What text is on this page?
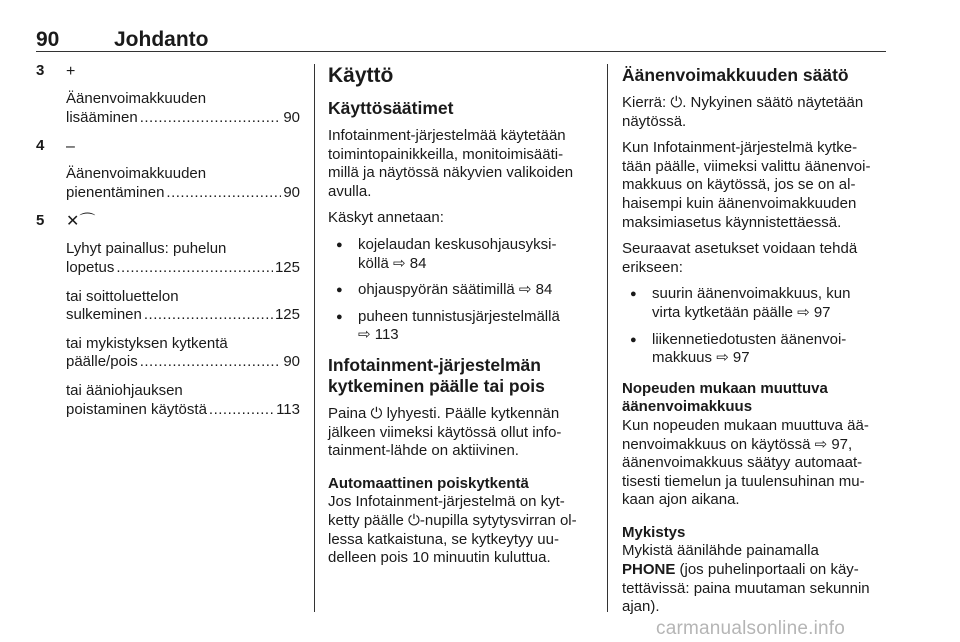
90	Johdanto
3 +
Äänenvoimakkuuden
lisääminen .....	90
4 –
Äänenvoimakkuuden
pienentäminen .....	90
5 ✕⌒
Lyhyt painallus: puhelun
lopetus .....	125
tai soittoluettelon
sulkeminen .....	125
tai mykistyksen kytkentä
päälle/pois .....	90
tai ääniohjauksen
poistaminen käytöstä .....	113
Käyttö
Käyttösäätimet
Infotainment-järjestelmää käytetään
toimintopainikkeilla, monitoimisääti-
millä ja näytössä näkyvien valikoiden
avulla.
Käskyt annetaan:
● kojelaudan keskusohjausyksi-
köllä ⇨ 84
● ohjauspyörän säätimillä ⇨ 84
● puheen tunnistusjärjestelmällä
⇨ 113
Infotainment-järjestelmän
kytkeminen päälle tai pois
Paina ⏻ lyhyesti. Päälle kytkennän
jälkeen viimeksi käytössä ollut info-
tainment-lähde on aktiivinen.
Automaattinen poiskytkentä
Jos Infotainment-järjestelmä on kyt-
ketty päälle ⏻-nupilla sytytysvirran ol-
lessa katkaistuna, se kytkeytyy uu-
delleen pois 10 minuutin kuluttua.
Äänenvoimakkuuden säätö
Kierrä: ⏻. Nykyinen säätö näytetään
näytössä.
Kun Infotainment-järjestelmä kytke-
tään päälle, viimeksi valittu äänenvoi-
makkuus on käytössä, jos se on al-
haisempi kuin äänenvoimakkuuden
maksimiasetus käynnistettäessä.
Seuraavat asetukset voidaan tehdä
erikseen:
● suurin äänenvoimakkuus, kun
virta kytketään päälle ⇨ 97
● liikennetiedotusten äänenvoi-
makkuus ⇨ 97
Nopeuden mukaan muuttuva
äänenvoimakkuus
Kun nopeuden mukaan muuttuva ää-
nenvoimakkuus on käytössä ⇨ 97,
äänenvoimakkuus säätyy automaat-
tisesti tiemelun ja tuulensuhinan mu-
kaan ajon aikana.
Mykistys
Mykistä äänilähde painamalla
PHONE (jos puhelinportaali on käy-
tettävissä: paina muutaman sekunnin
ajan).
carmanualsonline.info
